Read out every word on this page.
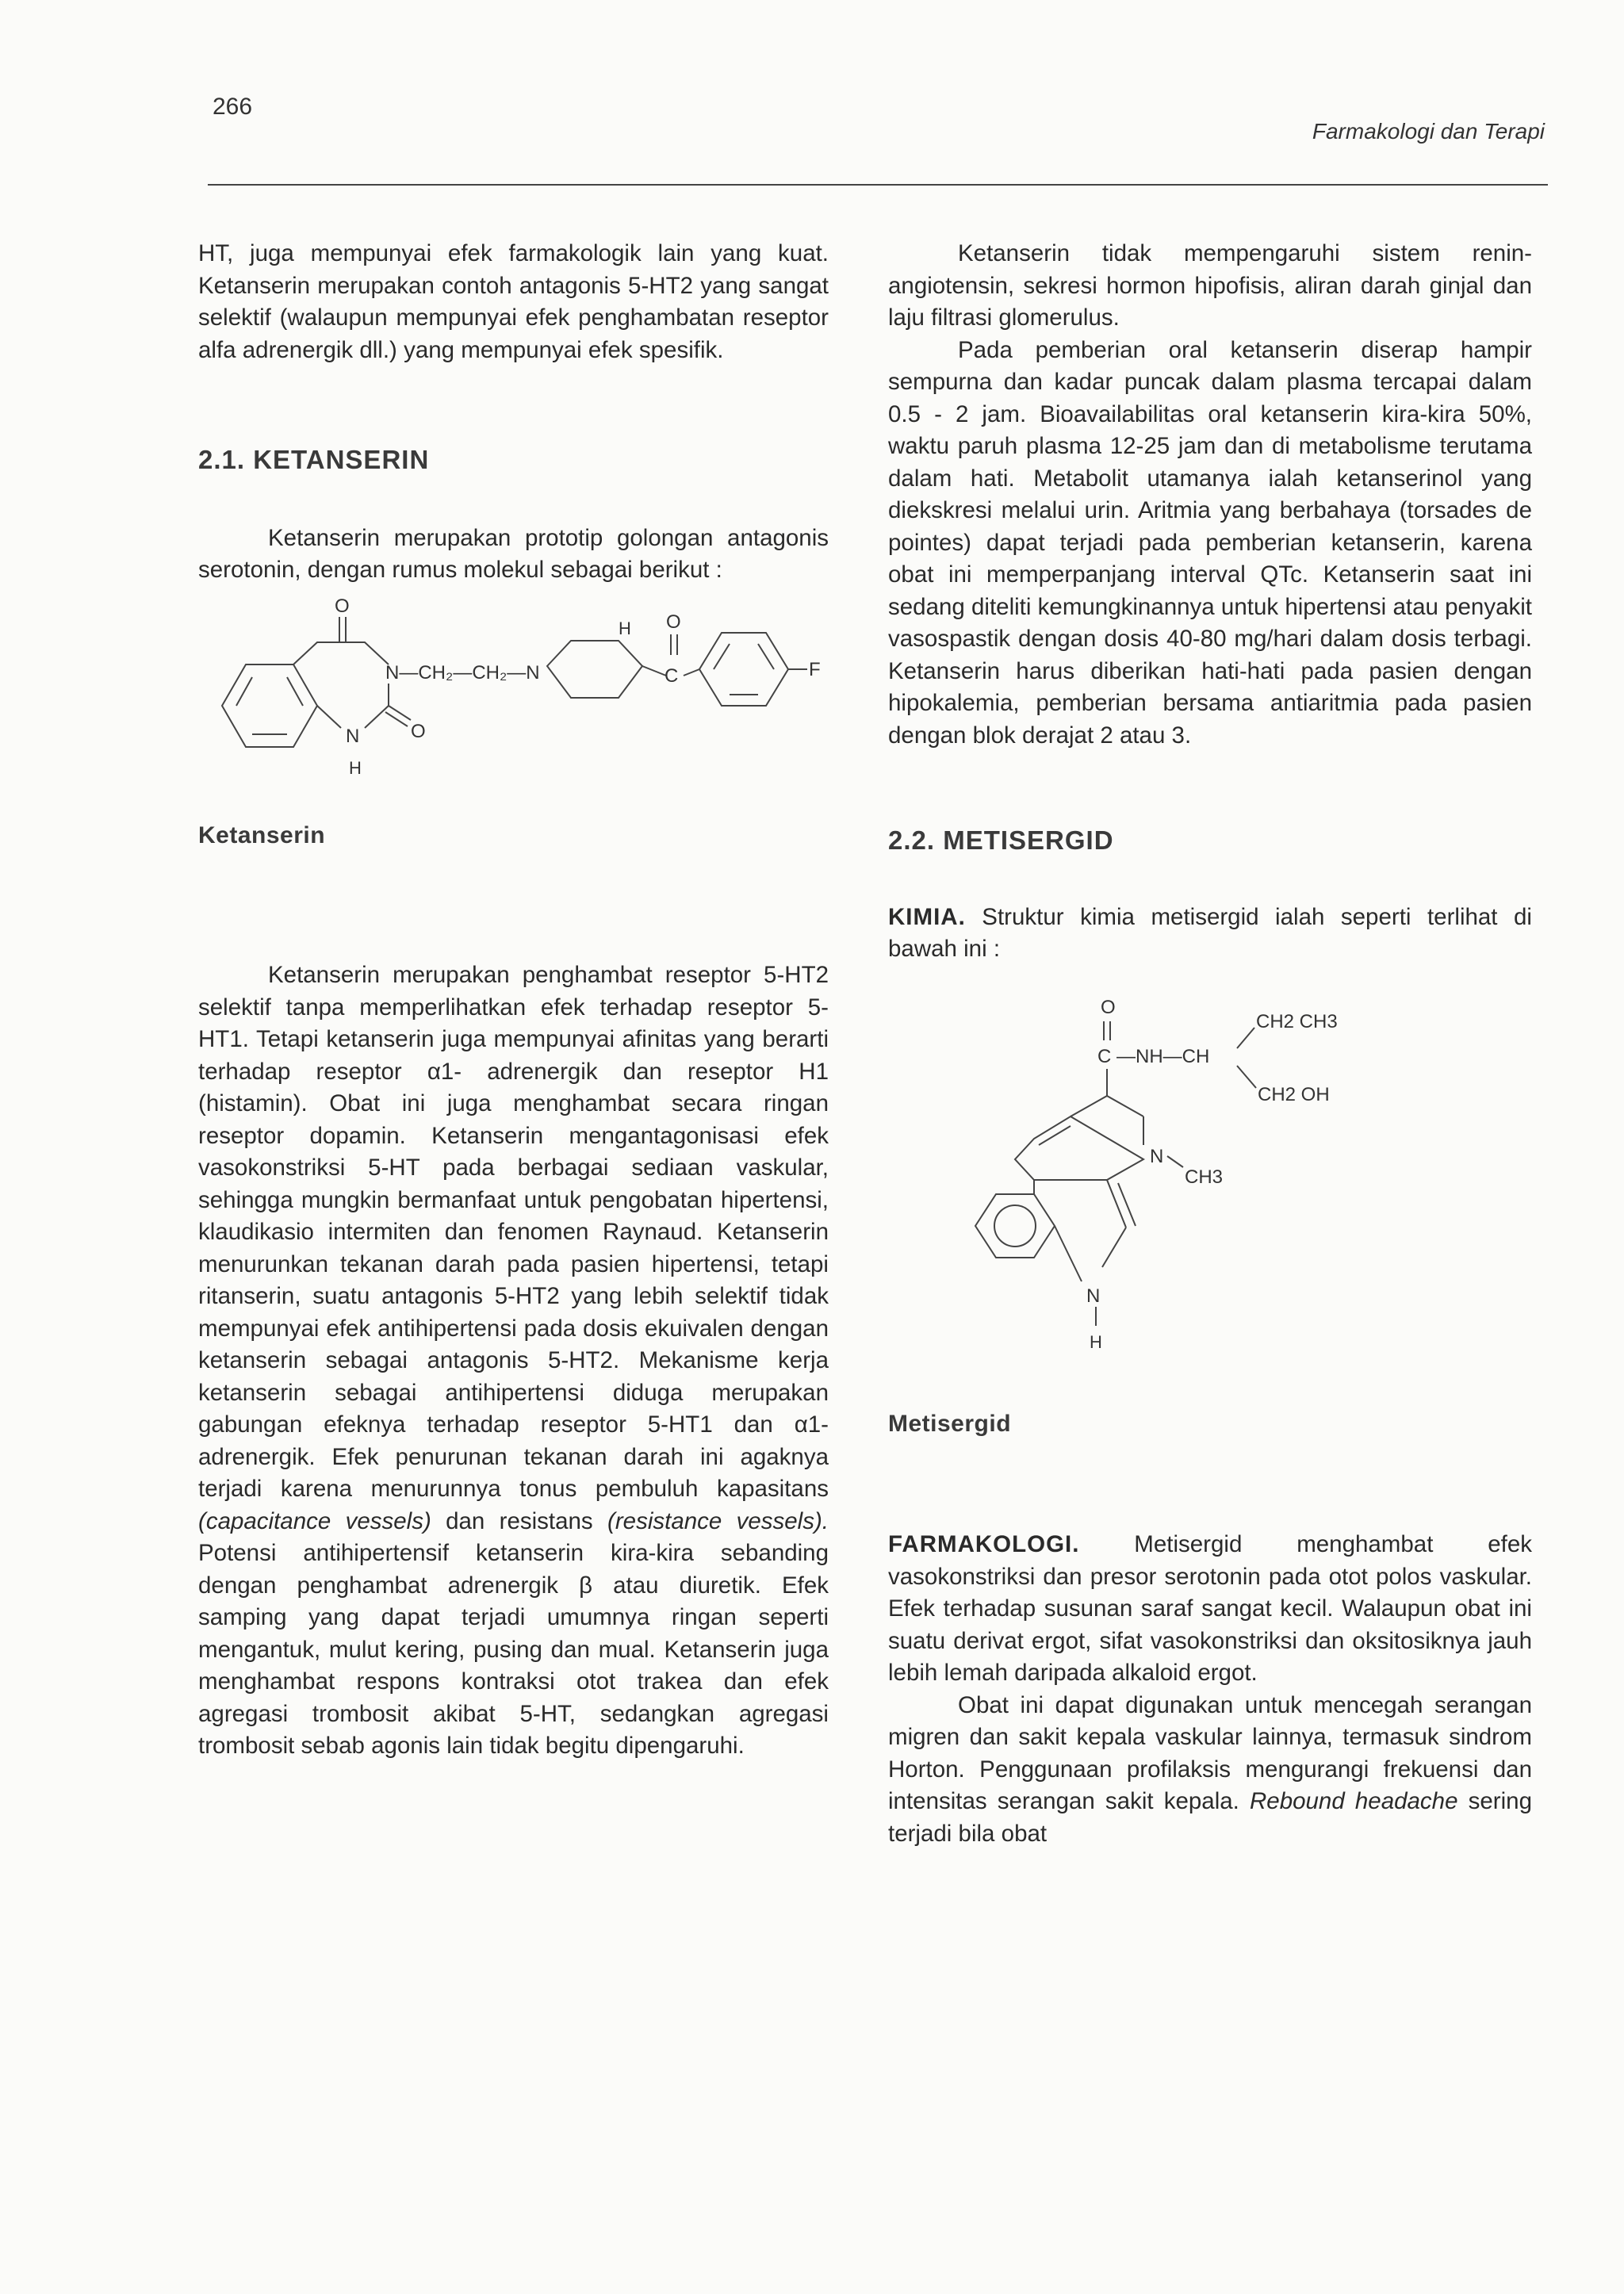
266
Farmakologi dan Terapi

HT, juga mempunyai efek farmakologik lain yang kuat. Ketanserin merupakan contoh antagonis 5-HT2 yang sangat selektif (walaupun mempunyai efek penghambatan reseptor alfa adrenergik dll.) yang mempunyai efek spesifik.

2.1. KETANSERIN

Ketanserin merupakan prototip golongan antagonis serotonin, dengan rumus molekul sebagai berikut :

O
O
N
H
N—CH₂—CH₂—N
H
C
O
F

Ketanserin

Ketanserin merupakan penghambat reseptor 5-HT2 selektif tanpa memperlihatkan efek terhadap reseptor 5-HT1. Tetapi ketanserin juga mempunyai afinitas yang berarti terhadap reseptor α1- adrenergik dan reseptor H1 (histamin). Obat ini juga menghambat secara ringan reseptor dopamin. Ketanserin mengantagonisasi efek vasokonstriksi 5-HT pada berbagai sediaan vaskular, sehingga mungkin bermanfaat untuk pengobatan hipertensi, klaudikasio intermiten dan fenomen Raynaud. Ketanserin menurunkan tekanan darah pada pasien hipertensi, tetapi ritanserin, suatu antagonis 5-HT2 yang lebih selektif tidak mempunyai efek antihipertensi pada dosis ekuivalen dengan ketanserin sebagai antagonis 5-HT2. Mekanisme kerja ketanserin sebagai antihipertensi diduga merupakan gabungan efeknya terhadap reseptor 5-HT1 dan α1- adrenergik. Efek penurunan tekanan darah ini agaknya terjadi karena menurunnya tonus pembuluh kapasitans (capacitance vessels) dan resistans (resistance vessels). Potensi antihipertensif ketanserin kira-kira sebanding dengan penghambat adrenergik β atau diuretik. Efek samping yang dapat terjadi umumnya ringan seperti mengantuk, mulut kering, pusing dan mual. Ketanserin juga menghambat respons kontraksi otot trakea dan efek agregasi trombosit akibat 5-HT, sedangkan agregasi trombosit sebab agonis lain tidak begitu dipengaruhi.

Ketanserin tidak mempengaruhi sistem renin-angiotensin, sekresi hormon hipofisis, aliran darah ginjal dan laju filtrasi glomerulus.

Pada pemberian oral ketanserin diserap hampir sempurna dan kadar puncak dalam plasma tercapai dalam 0.5 - 2 jam. Bioavailabilitas oral ketanserin kira-kira 50%, waktu paruh plasma 12-25 jam dan di metabolisme terutama dalam hati. Metabolit utamanya ialah ketanserinol yang diekskresi melalui urin. Aritmia yang berbahaya (torsades de pointes) dapat terjadi pada pemberian ketanserin, karena obat ini memperpanjang interval QTc. Ketanserin saat ini sedang diteliti kemungkinannya untuk hipertensi atau penyakit vasospastik dengan dosis 40-80 mg/hari dalam dosis terbagi. Ketanserin harus diberikan hati-hati pada pasien dengan hipokalemia, pemberian bersama antiaritmia pada pasien dengan blok derajat 2 atau 3.

2.2. METISERGID

KIMIA. Struktur kimia metisergid ialah seperti terlihat di bawah ini :

O
C —NH—CH
CH2 CH3
CH2 OH
N
CH3
N
H

Metisergid

FARMAKOLOGI. Metisergid menghambat efek vasokonstriksi dan presor serotonin pada otot polos vaskular. Efek terhadap susunan saraf sangat kecil. Walaupun obat ini suatu derivat ergot, sifat vasokonstriksi dan oksitosiknya jauh lebih lemah daripada alkaloid ergot.

Obat ini dapat digunakan untuk mencegah serangan migren dan sakit kepala vaskular lainnya, termasuk sindrom Horton. Penggunaan profilaksis mengurangi frekuensi dan intensitas serangan sakit kepala. Rebound headache sering terjadi bila obat
